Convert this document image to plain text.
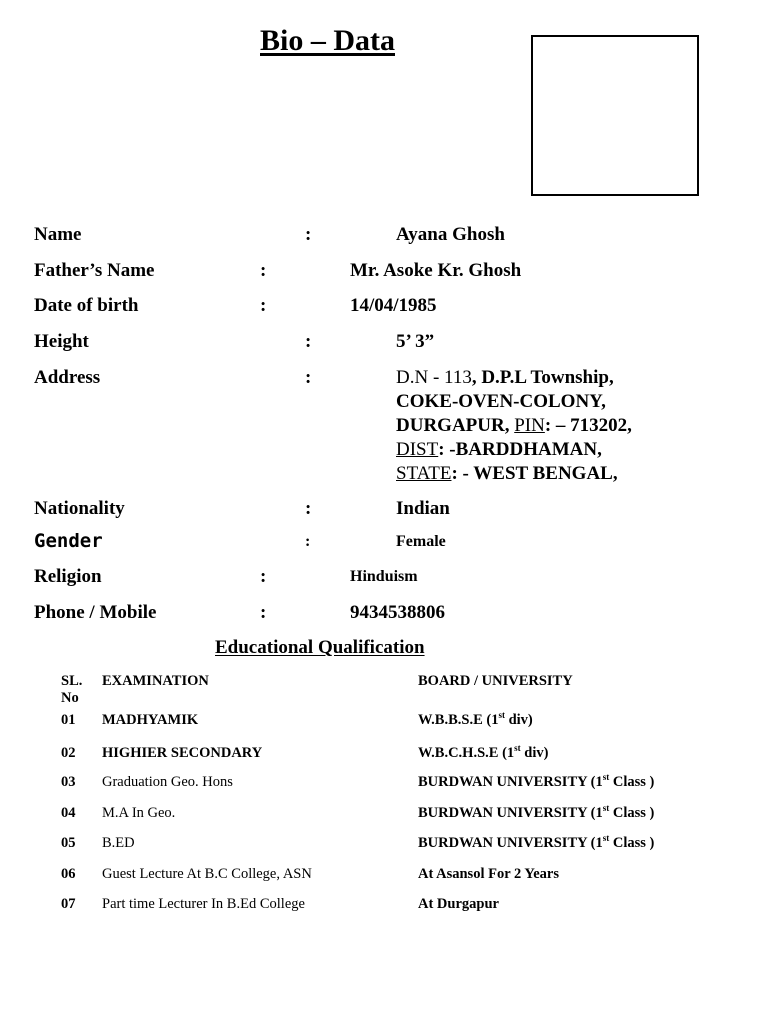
Bio – Data
Name	:	Ayana Ghosh
Father’s Name	:	Mr. Asoke Kr. Ghosh
Date of birth	:	14/04/1985
Height	:	5’ 3”
Address	:	D.N - 113, D.P.L Township,
COKE-OVEN-COLONY,
DURGAPUR, PIN: – 713202,
DIST: -BARDDHAMAN,
STATE: - WEST BENGAL,
Nationality	:	Indian
Gender	:	Female
Religion	:	Hinduism
Phone / Mobile	:	9434538806
Educational Qualification
SL.
No
EXAMINATION	BOARD / UNIVERSITY
01 MADHYAMIK	W.B.B.S.E (1st div)
02 HIGHIER SECONDARY	W.B.C.H.S.E (1st div)
03 Graduation Geo. Hons	BURDWAN UNIVERSITY (1st Class )
04 M.A In Geo.	BURDWAN UNIVERSITY (1st Class )
05 B.ED	BURDWAN UNIVERSITY (1st Class )
06 Guest Lecture At B.C College, ASN	At Asansol For 2 Years
07 Part time Lecturer In B.Ed College	At Durgapur
